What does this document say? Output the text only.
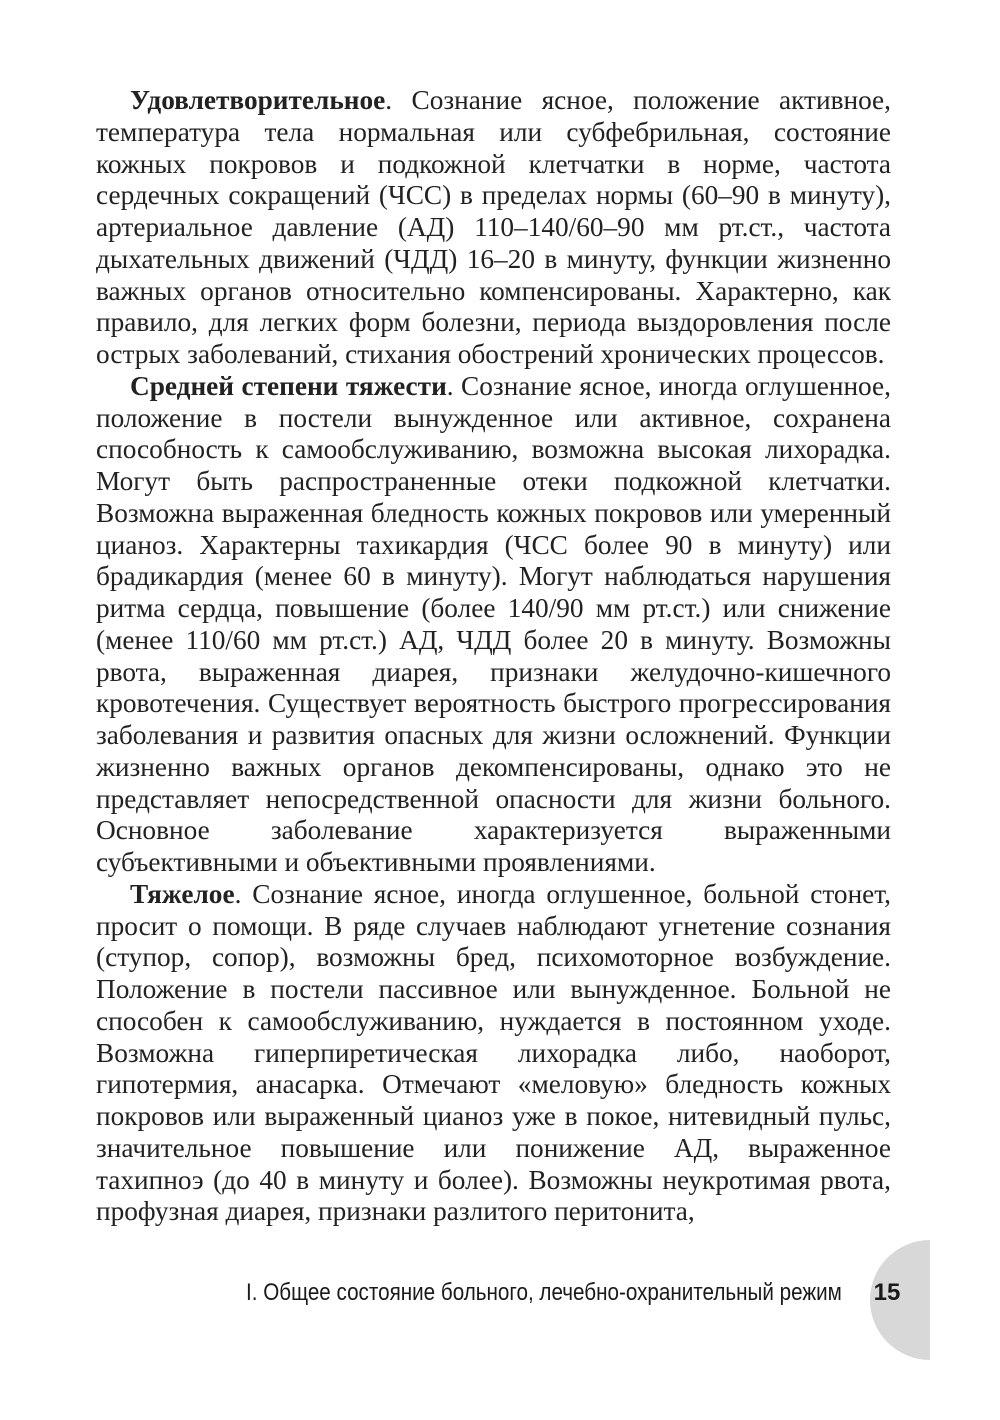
Удовлетворительное. Сознание ясное, положение активное, температура тела нормальная или субфебрильная, состояние кожных покровов и подкожной клетчатки в норме, частота сердечных сокращений (ЧСС) в пределах нормы (60–90 в минуту), артериальное давление (АД) 110–140/60–90 мм рт.ст., частота дыхательных движений (ЧДД) 16–20 в минуту, функции жизненно важных органов относительно компенсированы. Характерно, как правило, для легких форм болезни, периода выздоровления после острых заболеваний, стихания обострений хронических процессов.

Средней степени тяжести. Сознание ясное, иногда оглушенное, положение в постели вынужденное или активное, сохранена способность к самообслуживанию, возможна высокая лихорадка. Могут быть распространенные отеки подкожной клетчатки. Возможна выраженная бледность кожных покровов или умеренный цианоз. Характерны тахикардия (ЧСС более 90 в минуту) или брадикардия (менее 60 в минуту). Могут наблюдаться нарушения ритма сердца, повышение (более 140/90 мм рт.ст.) или снижение (менее 110/60 мм рт.ст.) АД, ЧДД более 20 в минуту. Возможны рвота, выраженная диарея, признаки желудочно-кишечного кровотечения. Существует вероятность быстрого прогрессирования заболевания и развития опасных для жизни осложнений. Функции жизненно важных органов декомпенсированы, однако это не представляет непосредственной опасности для жизни больного. Основное заболевание характеризуется выраженными субъективными и объективными проявлениями.

Тяжелое. Сознание ясное, иногда оглушенное, больной стонет, просит о помощи. В ряде случаев наблюдают угнетение сознания (ступор, сопор), возможны бред, психомоторное возбуждение. Положение в постели пассивное или вынужденное. Больной не способен к самообслуживанию, нуждается в постоянном уходе. Возможна гиперпиретическая лихорадка либо, наоборот, гипотермия, анасарка. Отмечают «меловую» бледность кожных покровов или выраженный цианоз уже в покое, нитевидный пульс, значительное повышение или понижение АД, выраженное тахипноэ (до 40 в минуту и более). Возможны неукротимая рвота, профузная диарея, признаки разлитого перитонита,

I. Общее состояние больного, лечебно-охранительный режим 15
